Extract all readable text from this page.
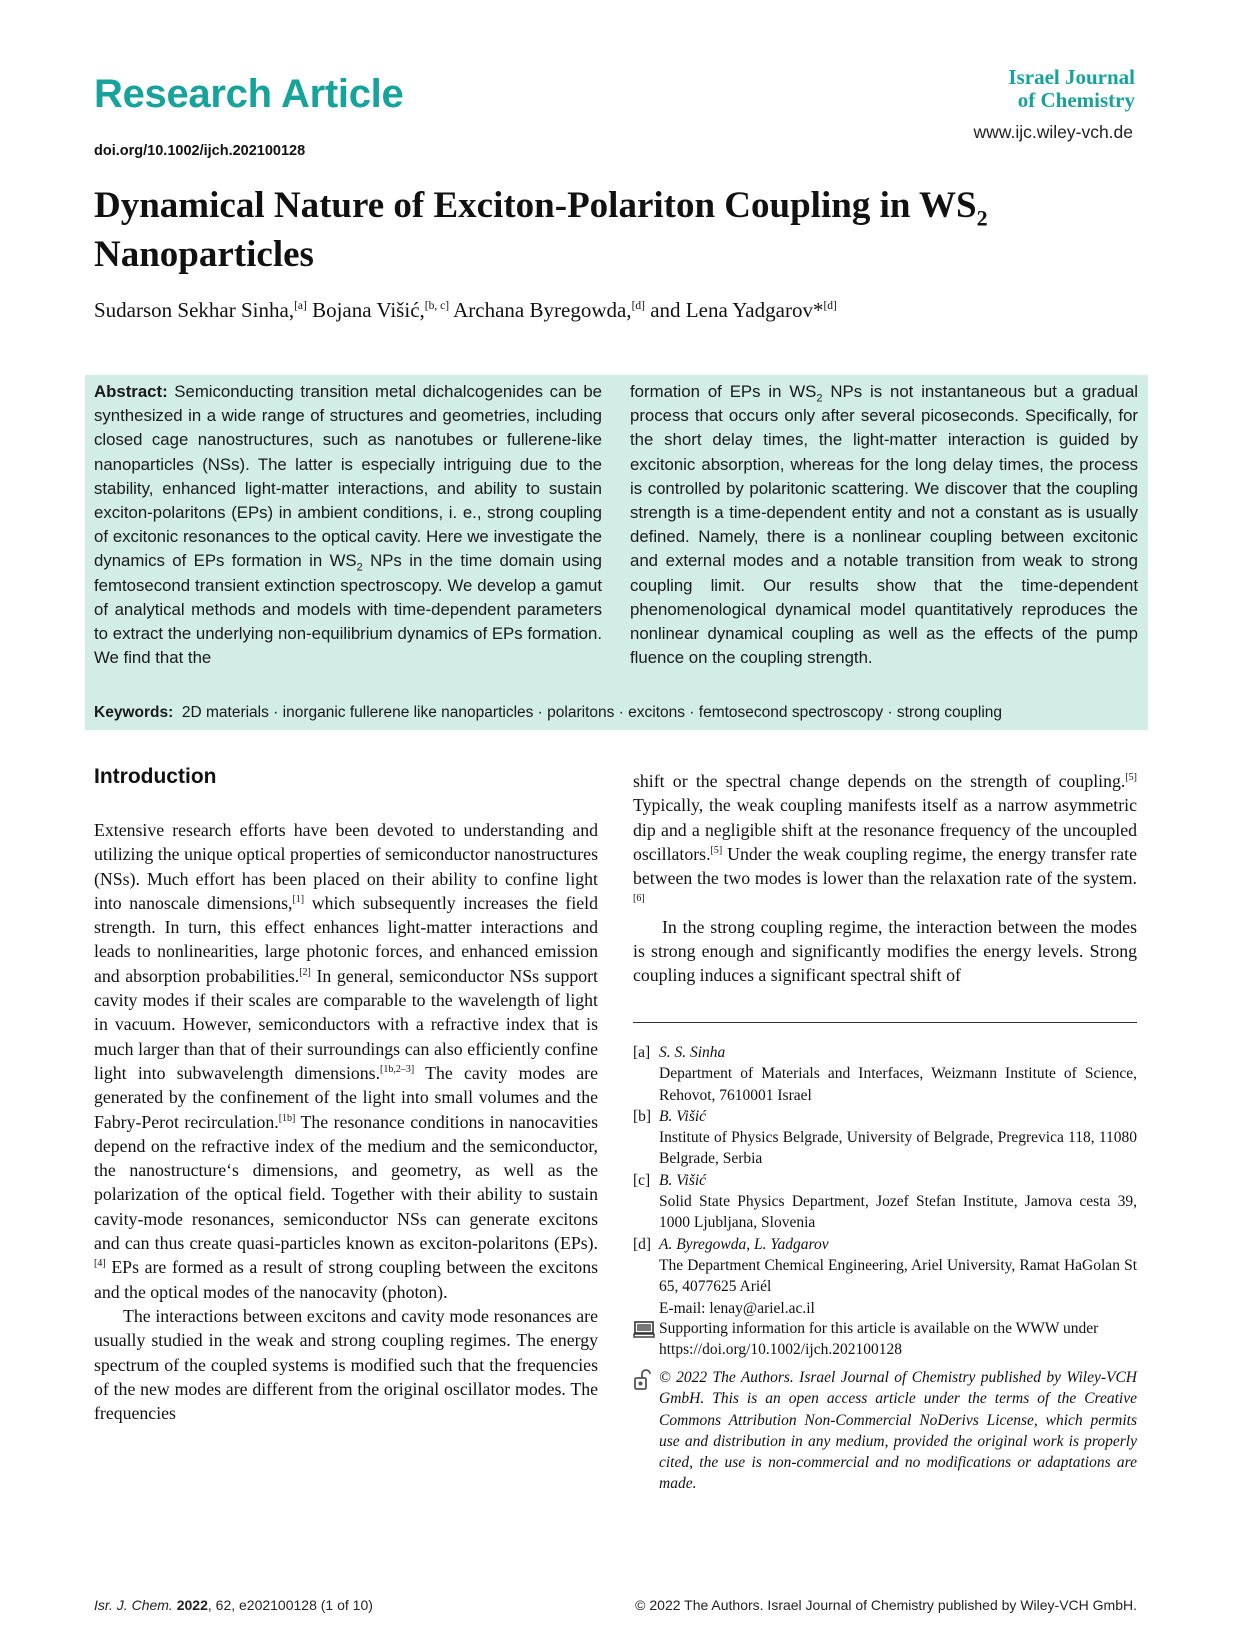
Research Article
doi.org/10.1002/ijch.202100128
Israel Journal
of Chemistry
www.ijc.wiley-vch.de
Dynamical Nature of Exciton-Polariton Coupling in $WS_2$
Nanoparticles
Sudarson Sekhar Sinha,[a] Bojana Višić,[b, c] Archana Byregowda,[d] and Lena Yadgarov*[d]
Abstract: Semiconducting transition metal dichalcogenides can be synthesized in a wide range of structures and geometries, including closed cage nanostructures, such as nanotubes or fullerene-like nanoparticles (NSs). The latter is especially intriguing due to the stability, enhanced light-matter interactions, and ability to sustain exciton-polaritons (EPs) in ambient conditions, i. e., strong coupling of excitonic resonances to the optical cavity. Here we investigate the dynamics of EPs formation in $WS_2$ NPs in the time domain using femtosecond transient extinction spectroscopy. We develop a gamut of analytical methods and models with time-dependent parameters to extract the underlying non-equilibrium dynamics of EPs formation. We find that the
formation of EPs in $WS_2$ NPs is not instantaneous but a gradual process that occurs only after several picoseconds. Specifically, for the short delay times, the light-matter interaction is guided by excitonic absorption, whereas for the long delay times, the process is controlled by polaritonic scattering. We discover that the coupling strength is a time-dependent entity and not a constant as is usually defined. Namely, there is a nonlinear coupling between excitonic and external modes and a notable transition from weak to strong coupling limit. Our results show that the time-dependent phenomenological dynamical model quantitatively reproduces the nonlinear dynamical coupling as well as the effects of the pump fluence on the coupling strength.
Keywords: 2D materials · inorganic fullerene like nanoparticles · polaritons · excitons · femtosecond spectroscopy · strong coupling
Introduction

Extensive research efforts have been devoted to understanding and utilizing the unique optical properties of semiconductor nanostructures (NSs). Much effort has been placed on their ability to confine light into nanoscale dimensions,[1] which subsequently increases the field strength. In turn, this effect enhances light-matter interactions and leads to nonlinearities, large photonic forces, and enhanced emission and absorption probabilities.[2] In general, semiconductor NSs support cavity modes if their scales are comparable to the wavelength of light in vacuum. However, semiconductors with a refractive index that is much larger than that of their surroundings can also efficiently confine light into subwavelength dimensions.[1b,2–3] The cavity modes are generated by the confinement of the light into small volumes and the Fabry-Perot recirculation.[1b] The resonance conditions in nanocavities depend on the refractive index of the medium and the semiconductor, the nanostructure‘s dimensions, and geometry, as well as the polarization of the optical field. Together with their ability to sustain cavity-mode resonances, semiconductor NSs can generate excitons and can thus create quasi-particles known as exciton-polaritons (EPs).[4] EPs are formed as a result of strong coupling between the excitons and the optical modes of the nanocavity (photon).

The interactions between excitons and cavity mode resonances are usually studied in the weak and strong coupling regimes. The energy spectrum of the coupled systems is modified such that the frequencies of the new modes are different from the original oscillator modes. The frequencies

shift or the spectral change depends on the strength of coupling.[5] Typically, the weak coupling manifests itself as a narrow asymmetric dip and a negligible shift at the resonance frequency of the uncoupled oscillators.[5] Under the weak coupling regime, the energy transfer rate between the two modes is lower than the relaxation rate of the system.[6]

In the strong coupling regime, the interaction between the modes is strong enough and significantly modifies the energy levels. Strong coupling induces a significant spectral shift of

[a] S. S. Sinha
Department of Materials and Interfaces, Weizmann Institute of Science, Rehovot, 7610001 Israel
[b] B. Višić
Institute of Physics Belgrade, University of Belgrade, Pregrevica 118, 11080 Belgrade, Serbia
[c] B. Višić
Solid State Physics Department, Jozef Stefan Institute, Jamova cesta 39, 1000 Ljubljana, Slovenia
[d] A. Byregowda, L. Yadgarov
The Department Chemical Engineering, Ariel University, Ramat HaGolan St 65, 4077625 Ariél
E-mail: lenay@ariel.ac.il
Supporting information for this article is available on the WWW under https://doi.org/10.1002/ijch.202100128
© 2022 The Authors. Israel Journal of Chemistry published by Wiley-VCH GmbH. This is an open access article under the terms of the Creative Commons Attribution Non-Commercial NoDerivs License, which permits use and distribution in any medium, provided the original work is properly cited, the use is non-commercial and no modifications or adaptations are made.
Isr. J. Chem. 2022, 62, e202100128 (1 of 10)	© 2022 The Authors. Israel Journal of Chemistry published by Wiley-VCH GmbH.
